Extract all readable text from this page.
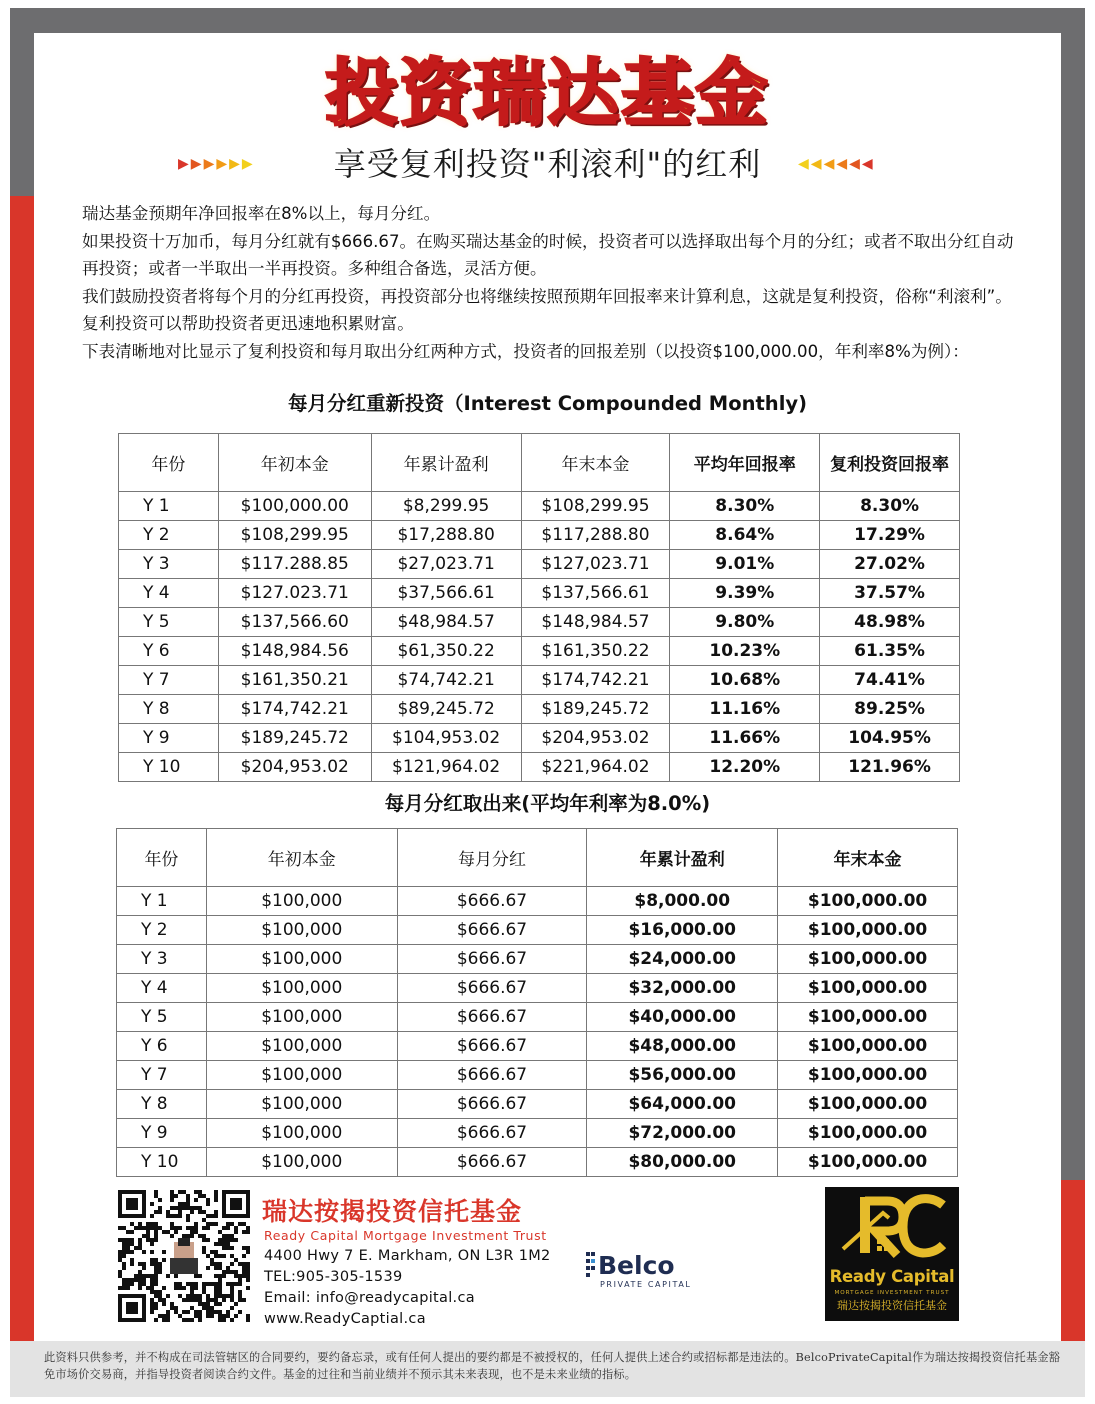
投资瑞达基金
▶ ▶ ▶ ▶ ▶ ▶	享受复利投资"利滚利"的红利	◀ ◀ ◀ ◀ ◀ ◀

瑞达基金预期年净回报率在8%以上，每月分红。

如果投资十万加币，每月分红就有$666.67。在购买瑞达基金的时候，投资者可以选择取出每个月的分红；或者不取出分红自动再投资；或者一半取出一半再投资。多种组合备选，灵活方便。

我们鼓励投资者将每个月的分红再投资，再投资部分也将继续按照预期年回报率来计算利息，这就是复利投资，俗称“利滚利”。复利投资可以帮助投资者更迅速地积累财富。

下表清晰地对比显示了复利投资和每月取出分红两种方式，投资者的回报差别（以投资$100,000.00，年利率8%为例）：

每月分红重新投资（Interest Compounded Monthly)
年份	年初本金	年累计盈利	年末本金	平均年回报率	复利投资回报率
Y 1	$100,000.00	$8,299.95	$108,299.95	8.30%	8.30%
Y 2	$108,299.95	$17,288.80	$117,288.80	8.64%	17.29%
Y 3	$117.288.85	$27,023.71	$127,023.71	9.01%	27.02%
Y 4	$127.023.71	$37,566.61	$137,566.61	9.39%	37.57%
Y 5	$137,566.60	$48,984.57	$148,984.57	9.80%	48.98%
Y 6	$148,984.56	$61,350.22	$161,350.22	10.23%	61.35%
Y 7	$161,350.21	$74,742.21	$174,742.21	10.68%	74.41%
Y 8	$174,742.21	$89,245.72	$189,245.72	11.16%	89.25%
Y 9	$189,245.72	$104,953.02	$204,953.02	11.66%	104.95%
Y 10	$204,953.02	$121,964.02	$221,964.02	12.20%	121.96%
每月分红取出来(平均年利率为8.0%)
年份	年初本金	每月分红	年累计盈利	年末本金
Y 1	$100,000	$666.67	$8,000.00	$100,000.00
Y 2	$100,000	$666.67	$16,000.00	$100,000.00
Y 3	$100,000	$666.67	$24,000.00	$100,000.00
Y 4	$100,000	$666.67	$32,000.00	$100,000.00
Y 5	$100,000	$666.67	$40,000.00	$100,000.00
Y 6	$100,000	$666.67	$48,000.00	$100,000.00
Y 7	$100,000	$666.67	$56,000.00	$100,000.00
Y 8	$100,000	$666.67	$64,000.00	$100,000.00
Y 9	$100,000	$666.67	$72,000.00	$100,000.00
Y 10	$100,000	$666.67	$80,000.00	$100,000.00
瑞达按揭投资信托基金
Ready Capital Mortgage Investment Trust
4400 Hwy 7 E. Markham, ON L3R 1M2
TEL:905-305-1539
Email: info@readycapital.ca
www.ReadyCaptial.ca
Belco
PRIVATE CAPITAL	Ready Capital
MORTGAGE INVESTMENT TRUST
瑞达按揭投资信托基金
此资料只供参考，并不构成在司法管辖区的合同要约，要约备忘录，或有任何人提出的要约都是不被授权的，任何人提供上述合约或招标都是违法的。BelcoPrivateCapital作为瑞达按揭投资信托基金豁免市场价交易商，并指导投资者阅读合约文件。基金的过往和当前业绩并不预示其未来表现，也不是未来业绩的指标。
